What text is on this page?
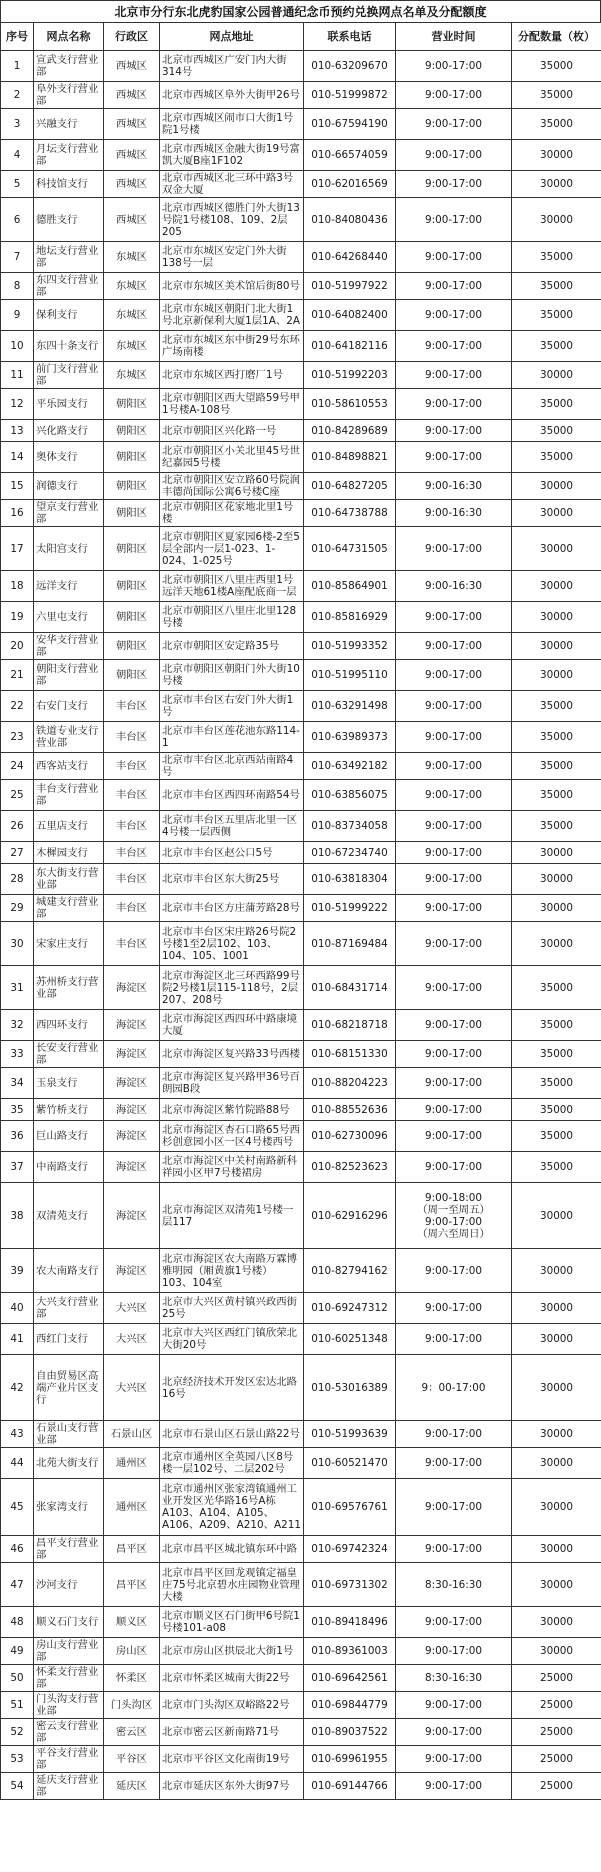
北京市分行东北虎豹国家公园普通纪念币预约兑换网点名单及分配额度
序号	网点名称	行政区	网点地址	联系电话	营业时间	分配数量（枚）
1	宣武支行营业部	西城区	北京市西城区广安门内大街314号	010-63209670	9:00-17:00	35000
2	阜外支行营业部	西城区	北京市西城区阜外大街甲26号	010-51999872	9:00-17:00	35000
3	兴融支行	西城区	北京市西城区闹市口大街1号院1号楼	010-67594190	9:00-17:00	35000
4	月坛支行营业部	西城区	北京市西城区金融大街19号富凯大厦B座1F102	010-66574059	9:00-17:00	30000
5	科技馆支行	西城区	北京市西城区北三环中路3号双金大厦	010-62016569	9:00-17:00	30000
6	德胜支行	西城区	北京市西城区德胜门外大街13号院1号楼108、109、2层205	010-84080436	9:00-17:00	30000
7	地坛支行营业部	东城区	北京市东城区安定门外大街138号一层	010-64268440	9:00-17:00	35000
8	东四支行营业部	东城区	北京市东城区美术馆后街80号	010-51997922	9:00-17:00	35000
9	保利支行	东城区	北京市东城区朝阳门北大街1号北京新保利大厦1层1A、2A	010-64082400	9:00-17:00	35000
10	东四十条支行	东城区	北京市东城区东中街29号东环广场南楼	010-64182116	9:00-17:00	35000
11	前门支行营业部	东城区	北京市东城区西打磨厂1号	010-51992203	9:00-17:00	30000
12	平乐园支行	朝阳区	北京市朝阳区西大望路59号甲1号楼A-108号	010-58610553	9:00-17:00	35000
13	兴化路支行	朝阳区	北京市朝阳区兴化路一号	010-84289689	9:00-17:00	35000
14	奥体支行	朝阳区	北京市朝阳区小关北里45号世纪嘉园5号楼	010-84898821	9:00-17:00	35000
15	润德支行	朝阳区	北京市朝阳区安立路60号院润丰德尚国际公寓6号楼C座	010-64827205	9:00-16:30	30000
16	望京支行营业部	朝阳区	北京市朝阳区花家地北里1号楼	010-64738788	9:00-16:30	30000
17	太阳宫支行	朝阳区	北京市朝阳区夏家园6楼-2至5层全部内一层1-023、1-024、1-025号	010-64731505	9:00-17:00	30000
18	远洋支行	朝阳区	北京市朝阳区八里庄西里1号远洋天地61楼A座配底商一层	010-85864901	9:00-16:30	30000
19	六里屯支行	朝阳区	北京市朝阳区八里庄北里128号楼	010-85816929	9:00-17:00	30000
20	安华支行营业部	朝阳区	北京市朝阳区安定路35号	010-51993352	9:00-17:00	30000
21	朝阳支行营业部	朝阳区	北京市朝阳区朝阳门外大街10号楼	010-51995110	9:00-17:00	30000
22	右安门支行	丰台区	北京市丰台区右安门外大街1号	010-63291498	9:00-17:00	35000
23	铁道专业支行营业部	丰台区	北京市丰台区莲花池东路114-1	010-63989373	9:00-17:00	35000
24	西客站支行	丰台区	北京市丰台区北京西站南路4号	010-63492182	9:00-17:00	35000
25	丰台支行营业部	丰台区	北京市丰台区西四环南路54号	010-63856075	9:00-17:00	35000
26	五里店支行	丰台区	北京市丰台区五里店北里一区4号楼一层西侧	010-83734058	9:00-17:00	35000
27	木樨园支行	丰台区	北京市丰台区赵公口5号	010-67234740	9:00-17:00	30000
28	东大街支行营业部	丰台区	北京市丰台区东大街25号	010-63818304	9:00-17:00	30000
29	城建支行营业部	丰台区	北京市丰台区方庄蒲芳路28号	010-51999222	9:00-17:00	30000
30	宋家庄支行	丰台区	北京市丰台区宋庄路26号院2号楼1至2层102、103、104、105、1001	010-87169484	9:00-17:00	30000
31	苏州桥支行营业部	海淀区	北京市海淀区北三环西路99号院2号楼1层115-118号，2层207、208号	010-68431714	9:00-17:00	35000
32	西四环支行	海淀区	北京市海淀区西四环中路康境大厦	010-68218718	9:00-17:00	35000
33	长安支行营业部	海淀区	北京市海淀区复兴路33号西楼	010-68151330	9:00-17:00	35000
34	玉泉支行	海淀区	北京市海淀区复兴路甲36号百朗园B段	010-88204223	9:00-17:00	35000
35	紫竹桥支行	海淀区	北京市海淀区紫竹院路88号	010-88552636	9:00-17:00	35000
36	巨山路支行	海淀区	北京市海淀区杏石口路65号西杉创意园小区一区4号楼西号	010-62730096	9:00-17:00	35000
37	中南路支行	海淀区	北京市海淀区中关村南路新科祥园小区甲7号楼裙房	010-82523623	9:00-17:00	35000
38	双清苑支行	海淀区	北京市海淀区双清苑1号楼一层117	010-62916296	9:00-18:00
（周一至周五）
9:00-17:00
（周六至周日）	30000
39	农大南路支行	海淀区	北京市海淀区农大南路万霖博雅明园（厢黄旗1号楼）103、104室	010-82794162	9:00-17:00	30000
40	大兴支行营业部	大兴区	北京市大兴区黄村镇兴政西街25号	010-69247312	9:00-17:00	30000
41	西红门支行	大兴区	北京市大兴区西红门镇欣荣北大街20号	010-60251348	9:00-17:00	30000
42	自由贸易区高端产业片区支行	大兴区	北京经济技术开发区宏达北路16号	010-53016389	9：00-17:00	30000
43	石景山支行营业部	石景山区	北京市石景山区石景山路22号	010-51993639	9:00-17:00	30000
44	北苑大街支行	通州区	北京市通州区全英园八区8号楼一层102号、二层202号	010-60521470	9:00-17:00	30000
45	张家湾支行	通州区	北京市通州区张家湾镇通州工业开发区光华路16号A栋A103、A104、A105、A106、A209、A210、A211	010-69576761	9:00-17:00	30000
46	昌平支行营业部	昌平区	北京市昌平区城北镇东环中路	010-69742324	9:00-17:00	30000
47	沙河支行	昌平区	北京市昌平区回龙观镇定福皇庄75号北京碧水庄园物业管理大楼	010-69731302	8:30-16:30	30000
48	顺义石门支行	顺义区	北京市顺义区石门街甲6号院1号楼101-a08	010-89418496	9:00-17:00	30000
49	房山支行营业部	房山区	北京市房山区拱辰北大街1号	010-89361003	9:00-17:00	30000
50	怀柔支行营业部	怀柔区	北京市怀柔区城南大街22号	010-69642561	8:30-16:30	25000
51	门头沟支行营业部	门头沟区	北京市门头沟区双峪路22号	010-69844779	9:00-17:00	25000
52	密云支行营业部	密云区	北京市密云区新南路71号	010-89037522	9:00-17:00	25000
53	平谷支行营业部	平谷区	北京市平谷区文化南街19号	010-69961955	9:00-17:00	25000
54	延庆支行营业部	延庆区	北京市延庆区东外大街97号	010-69144766	9:00-17:00	25000
